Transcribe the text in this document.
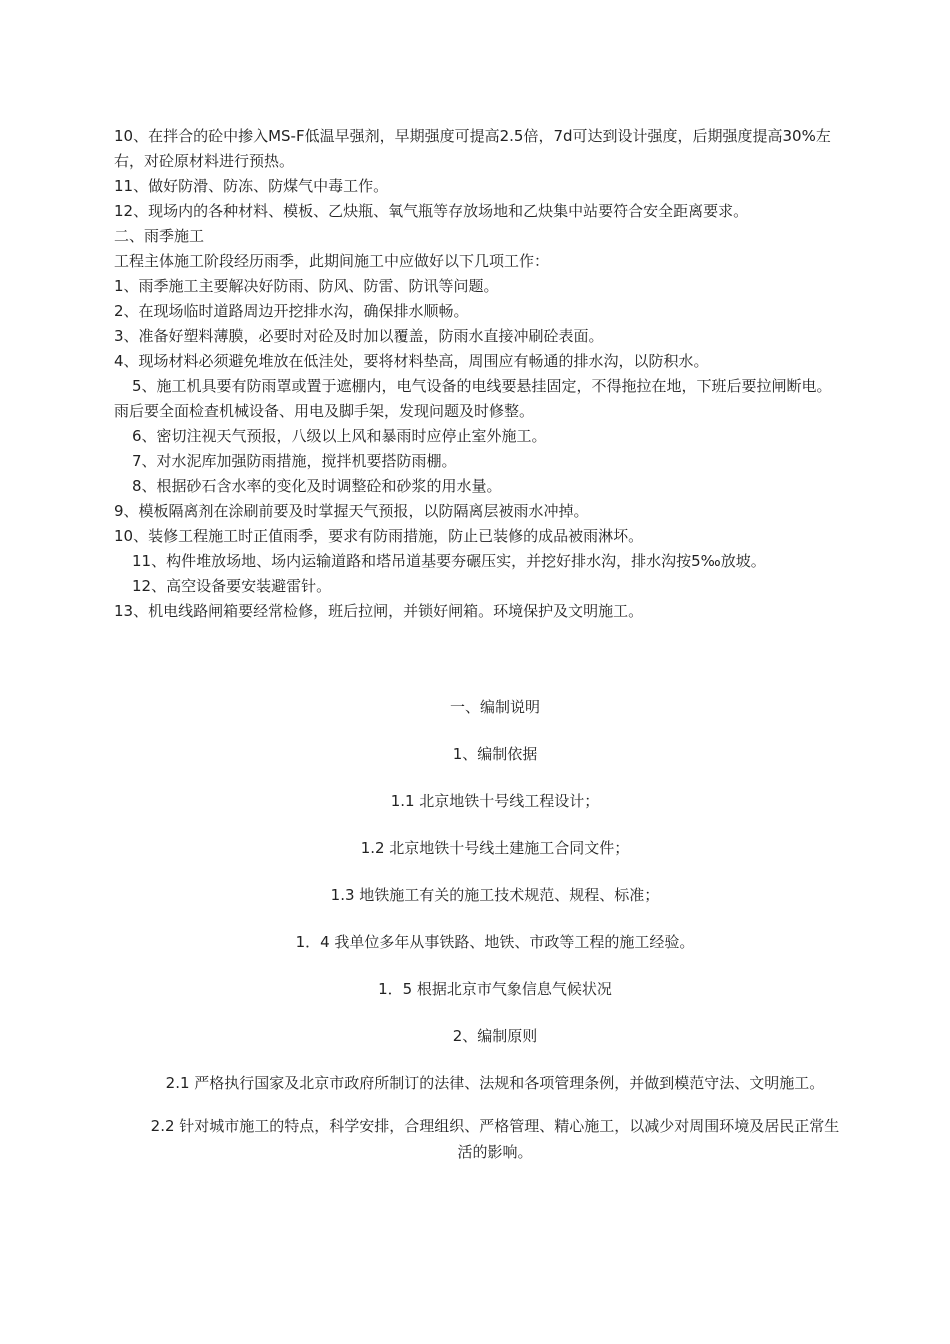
10、在拌合的砼中掺入MS-F低温早强剂，早期强度可提高2.5倍，7d可达到设计强度，后期强度提高30%左右，对砼原材料进行预热。
11、做好防滑、防冻、防煤气中毒工作。
12、现场内的各种材料、模板、乙炔瓶、氧气瓶等存放场地和乙炔集中站要符合安全距离要求。
二、雨季施工
工程主体施工阶段经历雨季，此期间施工中应做好以下几项工作：
1、雨季施工主要解决好防雨、防风、防雷、防讯等问题。
2、在现场临时道路周边开挖排水沟，确保排水顺畅。
3、准备好塑料薄膜，必要时对砼及时加以覆盖，防雨水直接冲刷砼表面。
4、现场材料必须避免堆放在低洼处，要将材料垫高，周围应有畅通的排水沟，以防积水。
5、施工机具要有防雨罩或置于遮棚内，电气设备的电线要悬挂固定，不得拖拉在地，下班后要拉闸断电。雨后要全面检查机械设备、用电及脚手架，发现问题及时修整。
6、密切注视天气预报，八级以上风和暴雨时应停止室外施工。
7、对水泥库加强防雨措施，搅拌机要搭防雨棚。
8、根据砂石含水率的变化及时调整砼和砂浆的用水量。
9、模板隔离剂在涂刷前要及时掌握天气预报，以防隔离层被雨水冲掉。
10、装修工程施工时正值雨季，要求有防雨措施，防止已装修的成品被雨淋坏。
11、构件堆放场地、场内运输道路和塔吊道基要夯碾压实，并挖好排水沟，排水沟按5‰放坡。
12、高空设备要安装避雷针。
13、机电线路闸箱要经常检修，班后拉闸，并锁好闸箱。环境保护及文明施工。
一、编制说明
1、编制依据
1.1 北京地铁十号线工程设计；
1.2 北京地铁十号线土建施工合同文件；
1.3 地铁施工有关的施工技术规范、规程、标准；
1．4 我单位多年从事铁路、地铁、市政等工程的施工经验。
1．5 根据北京市气象信息气候状况
2、编制原则
2.1 严格执行国家及北京市政府所制订的法律、法规和各项管理条例，并做到模范守法、文明施工。
2.2 针对城市施工的特点，科学安排，合理组织、严格管理、精心施工，以减少对周围环境及居民正常生活的影响。
